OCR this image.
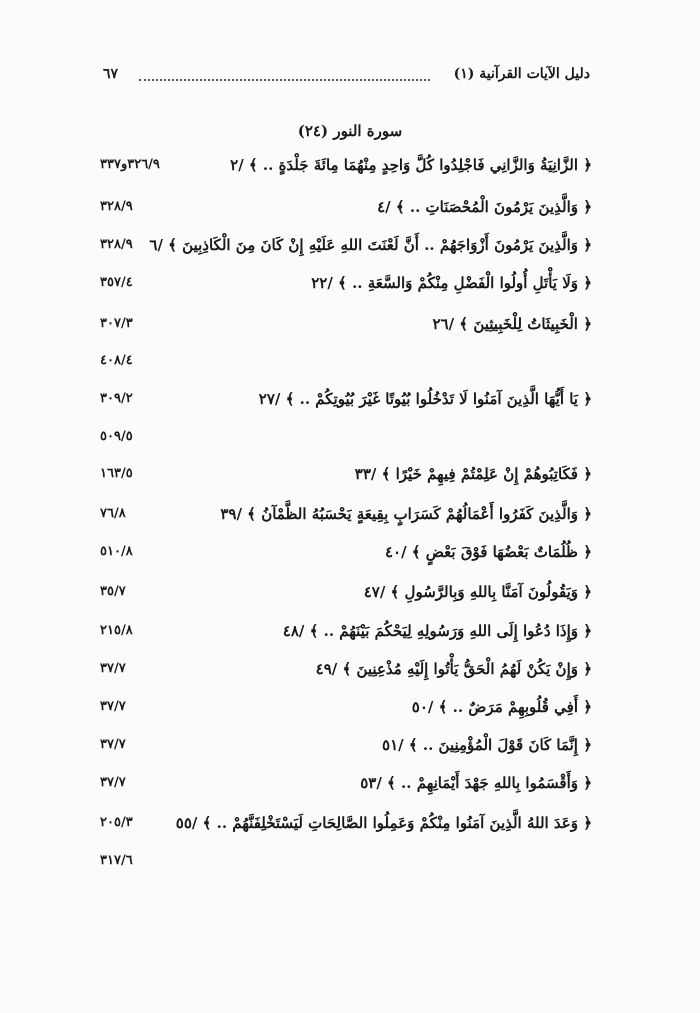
دليل الآيات القرآنية (١)
٦٧
سورة النور (٢٤)
﴿ الزَّانِيَةُ وَالزَّانِي فَاجْلِدُوا كُلَّ وَاحِدٍ مِنْهُمَا مِائَةَ جَلْدَةٍ .. ﴾ /٢
٣٢٦/٩و٣٣٧
﴿ وَالَّذِينَ يَرْمُونَ الْمُحْصَنَاتِ .. ﴾ /٤
٣٢٨/٩
﴿ وَالَّذِينَ يَرْمُونَ أَزْوَاجَهُمْ .. أَنَّ لَعْنَتَ اللهِ عَلَيْهِ إِنْ كَانَ مِنَ الْكَاذِبِينَ ﴾ /٦
٣٢٨/٩
﴿ وَلَا يَأْتَلِ أُولُوا الْفَضْلِ مِنْكُمْ وَالسَّعَةِ .. ﴾ /٢٢
٣٥٧/٤
﴿ الْخَبِيثَاتُ لِلْخَبِيثِينَ ﴾ /٢٦
٣٠٧/٣
٤٠٨/٤
﴿ يَا أَيُّهَا الَّذِينَ آمَنُوا لَا تَدْخُلُوا بُيُوتًا غَيْرَ بُيُوتِكُمْ .. ﴾ /٢٧
٣٠٩/٢
٥٠٩/٥
﴿ فَكَاتِبُوهُمْ إِنْ عَلِمْتُمْ فِيهِمْ خَيْرًا ﴾ /٣٣
١٦٣/٥
﴿ وَالَّذِينَ كَفَرُوا أَعْمَالُهُمْ كَسَرَابٍ بِقِيعَةٍ يَحْسَبُهُ الظَّمْآنُ ﴾ /٣٩
٧٦/٨
﴿ ظُلُمَاتٌ بَعْضُهَا فَوْقَ بَعْضٍ ﴾ /٤٠
٥١٠/٨
﴿ وَيَقُولُونَ آمَنَّا بِاللهِ وَبِالرَّسُولِ ﴾ /٤٧
٣٥/٧
﴿ وَإِذَا دُعُوا إِلَى اللهِ وَرَسُولِهِ لِيَحْكُمَ بَيْنَهُمْ .. ﴾ /٤٨
٢١٥/٨
﴿ وَإِنْ يَكُنْ لَهُمُ الْحَقُّ يَأْتُوا إِلَيْهِ مُذْعِنِينَ ﴾ /٤٩
٣٧/٧
﴿ أَفِي قُلُوبِهِمْ مَرَضٌ .. ﴾ /٥٠
٣٧/٧
﴿ إِنَّمَا كَانَ قَوْلَ الْمُؤْمِنِينَ .. ﴾ /٥١
٣٧/٧
﴿ وَأَقْسَمُوا بِاللهِ جَهْدَ أَيْمَانِهِمْ .. ﴾ /٥٣
٣٧/٧
﴿ وَعَدَ اللهُ الَّذِينَ آمَنُوا مِنْكُمْ وَعَمِلُوا الصَّالِحَاتِ لَيَسْتَخْلِفَنَّهُمْ .. ﴾ /٥٥
٢٠٥/٣
٣١٧/٦
